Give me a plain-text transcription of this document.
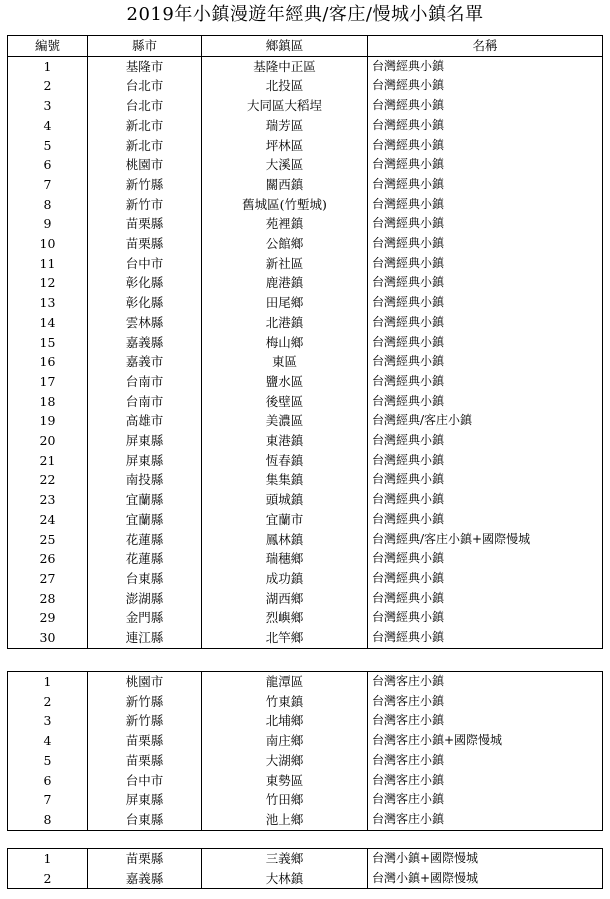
2019年小鎮漫遊年經典/客庄/慢城小鎮名單
編號	縣市	鄉鎮區	名稱
1	基隆市	基隆中正區	台灣經典小鎮
2	台北市	北投區	台灣經典小鎮
3	台北市	大同區大稻埕	台灣經典小鎮
4	新北市	瑞芳區	台灣經典小鎮
5	新北市	坪林區	台灣經典小鎮
6	桃園市	大溪區	台灣經典小鎮
7	新竹縣	關西鎮	台灣經典小鎮
8	新竹市	舊城區(竹塹城)	台灣經典小鎮
9	苗栗縣	苑裡鎮	台灣經典小鎮
10	苗栗縣	公館鄉	台灣經典小鎮
11	台中市	新社區	台灣經典小鎮
12	彰化縣	鹿港鎮	台灣經典小鎮
13	彰化縣	田尾鄉	台灣經典小鎮
14	雲林縣	北港鎮	台灣經典小鎮
15	嘉義縣	梅山鄉	台灣經典小鎮
16	嘉義市	東區	台灣經典小鎮
17	台南市	鹽水區	台灣經典小鎮
18	台南市	後壁區	台灣經典小鎮
19	高雄市	美濃區	台灣經典/客庄小鎮
20	屏東縣	東港鎮	台灣經典小鎮
21	屏東縣	恆春鎮	台灣經典小鎮
22	南投縣	集集鎮	台灣經典小鎮
23	宜蘭縣	頭城鎮	台灣經典小鎮
24	宜蘭縣	宜蘭市	台灣經典小鎮
25	花蓮縣	鳳林鎮	台灣經典/客庄小鎮+國際慢城
26	花蓮縣	瑞穗鄉	台灣經典小鎮
27	台東縣	成功鎮	台灣經典小鎮
28	澎湖縣	湖西鄉	台灣經典小鎮
29	金門縣	烈嶼鄉	台灣經典小鎮
30	連江縣	北竿鄉	台灣經典小鎮
1	桃園市	龍潭區	台灣客庄小鎮
2	新竹縣	竹東鎮	台灣客庄小鎮
3	新竹縣	北埔鄉	台灣客庄小鎮
4	苗栗縣	南庄鄉	台灣客庄小鎮+國際慢城
5	苗栗縣	大湖鄉	台灣客庄小鎮
6	台中市	東勢區	台灣客庄小鎮
7	屏東縣	竹田鄉	台灣客庄小鎮
8	台東縣	池上鄉	台灣客庄小鎮
1	苗栗縣	三義鄉	台灣小鎮+國際慢城
2	嘉義縣	大林鎮	台灣小鎮+國際慢城
